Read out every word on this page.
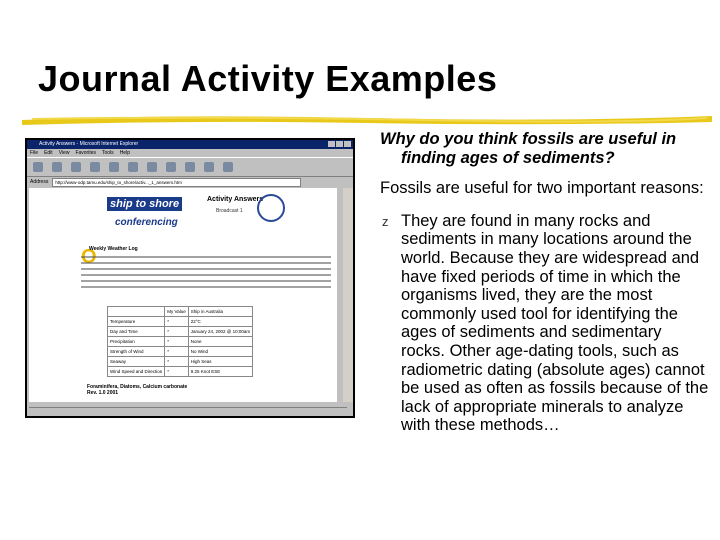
Journal Activity Examples
Activity Answers - Microsoft Internet Explorer
File Edit View Favorites Tools Help
Address	http://www-odp.tamu.edu/ship_to_shore/activ..._1_answers.htm
ship to shore
conferencing
Activity Answers
Broadcast 1
Weekly Weather Log
	My Value	Ship in Australia
Temperature	*	22°C
Day and Time	*	January 24, 2002 @ 10:00am
Precipitation	*	None
Strength of Wind	*	No Wind
Seaway	*	High Seas
Wind Speed and Direction	*	9.25 Knot ESE
Foraminifera, Diatoms, Calcium carbonate
Rev. 1.0 2001
Why do you think fossils are useful in finding ages of sediments?
Fossils are useful for two important reasons:
z They are found in many rocks and sediments in many locations around the world. Because they are widespread and have fixed periods of time in which the organisms lived, they are the most commonly used tool for identifying the ages of sediments and sedimentary rocks. Other age-dating tools, such as radiometric dating (absolute ages) cannot be used as often as fossils because of the lack of appropriate minerals to analyze with these methods…
